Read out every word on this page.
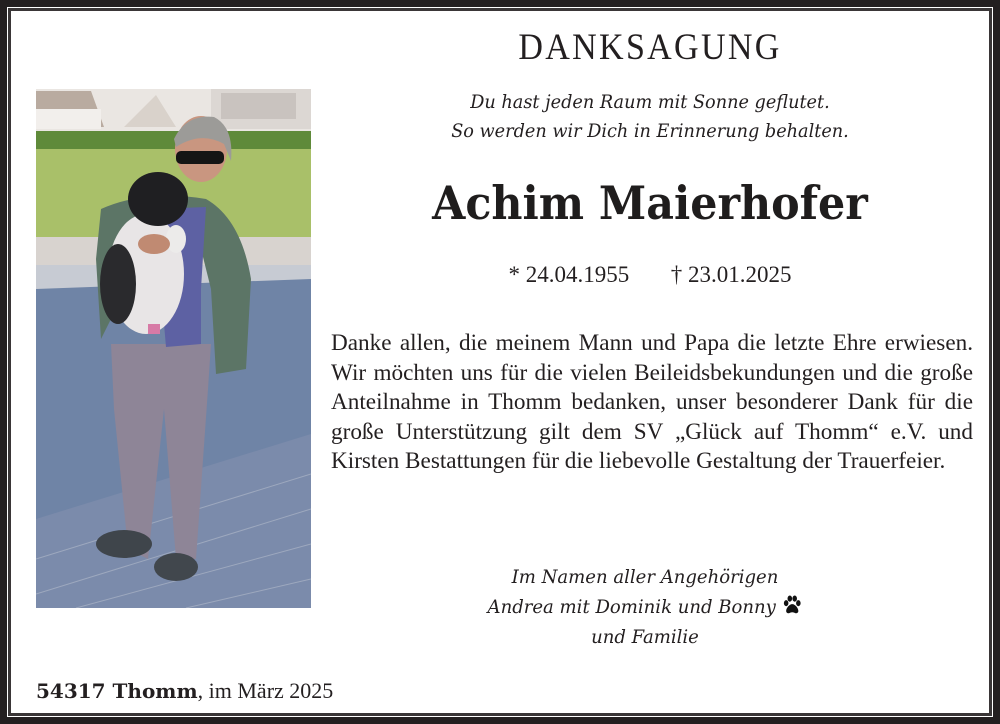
DANKSAGUNG
Du hast jeden Raum mit Sonne geflutet.
So werden wir Dich in Erinnerung behalten.
Achim Maierhofer
* 24.04.1955 † 23.01.2025
Danke allen, die meinem Mann und Papa die letzte Ehre erwiesen. Wir möchten uns für die vielen Beileidsbekundungen und die große Anteilnahme in Thomm bedanken, unser besonderer Dank für die große Unterstützung gilt dem SV „Glück auf Thomm“ e.V. und Kirsten Bestattungen für die liebevolle Gestaltung der Trauerfeier.
Im Namen aller Angehörigen
Andrea mit Dominik und Bonny
und Familie
54317 Thomm, im März 2025
